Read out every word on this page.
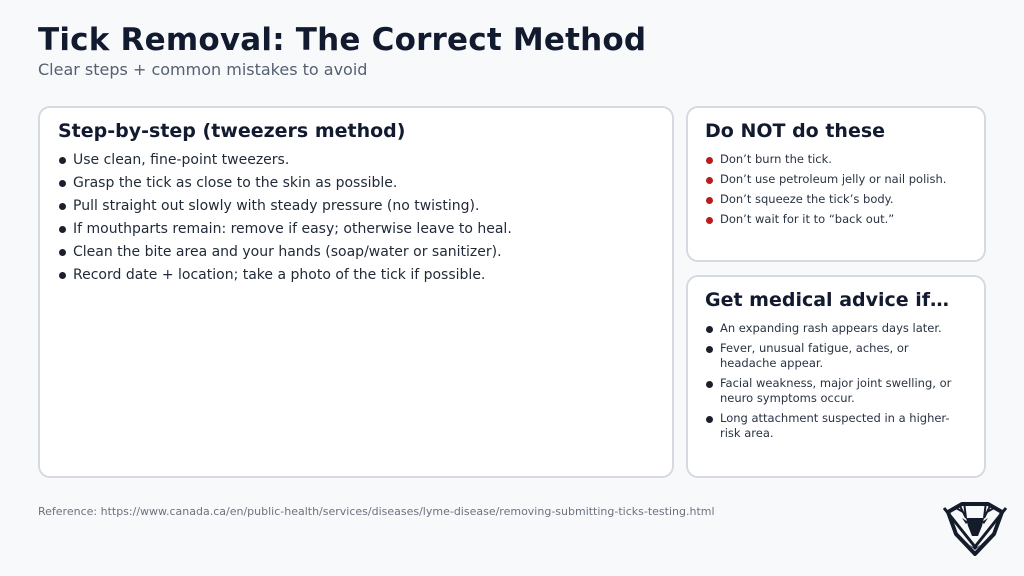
Tick Removal: The Correct Method
Clear steps + common mistakes to avoid
Step-by-step (tweezers method)
Use clean, fine-point tweezers.
Grasp the tick as close to the skin as possible.
Pull straight out slowly with steady pressure (no twisting).
If mouthparts remain: remove if easy; otherwise leave to heal.
Clean the bite area and your hands (soap/water or sanitizer).
Record date + location; take a photo of the tick if possible.
Do NOT do these
Don’t burn the tick.
Don’t use petroleum jelly or nail polish.
Don’t squeeze the tick’s body.
Don’t wait for it to “back out.”
Get medical advice if…
An expanding rash appears days later.
Fever, unusual fatigue, aches, or headache appear.
Facial weakness, major joint swelling, or neuro symptoms occur.
Long attachment suspected in a higher-risk area.
Reference: https://www.canada.ca/en/public-health/services/diseases/lyme-disease/removing-submitting-ticks-testing.html
